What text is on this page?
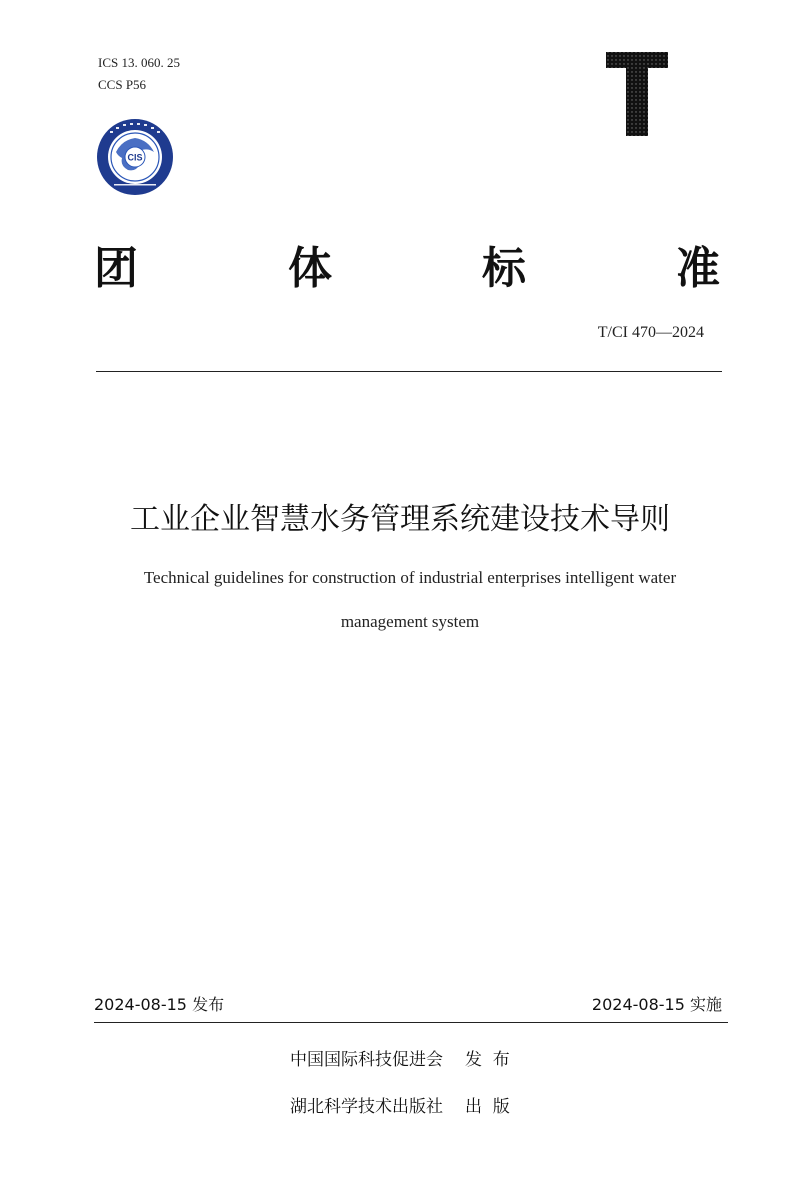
ICS 13. 060. 25
CCS P56
CIS
团	体	标	准
T/CI 470—2024
工业企业智慧水务管理系统建设技术导则
Technical guidelines for construction of industrial enterprises intelligent water
management system
2024-08-15 发布	2024-08-15 实施
中国国际科技促进会 发  布
湖北科学技术出版社 出  版
